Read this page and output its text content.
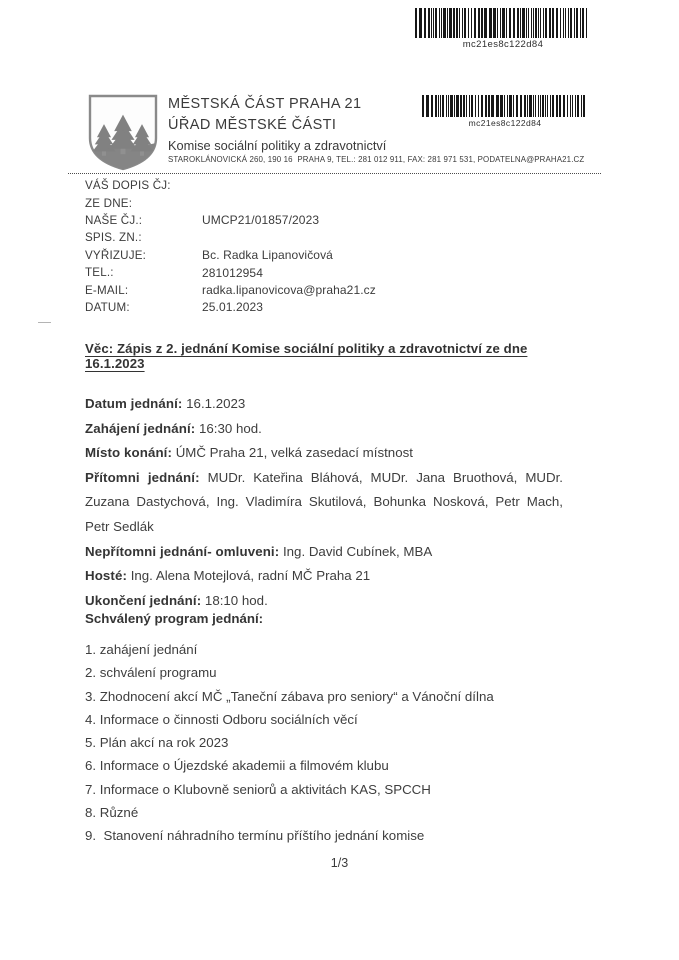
mc21es8c122d84
MĚSTSKÁ ČÁST PRAHA 21
ÚŘAD MĚSTSKÉ ČÁSTI
Komise sociální politiky a zdravotnictví
STAROKLÁNOVICKÁ 260, 190 16  PRAHA 9, TEL.: 281 012 911, FAX: 281 971 531, PODATELNA@PRAHA21.CZ
mc21es8c122d84
VÁŠ DOPIS ČJ:
ZE DNE:
NAŠE ČJ.:	UMCP21/01857/2023
SPIS. ZN.:
VYŘIZUJE:	Bc. Radka Lipanovičová
TEL.:	281012954
E-MAIL:	radka.lipanovicova@praha21.cz
DATUM:	25.01.2023
Věc: Zápis z 2. jednání Komise sociální politiky a zdravotnictví ze dne 16.1.2023

Datum jednání: 16.1.2023

Zahájení jednání: 16:30 hod.

Místo konání: ÚMČ Praha 21, velká zasedací místnost

Přítomni jednání: MUDr. Kateřina Bláhová, MUDr. Jana Bruothová, MUDr. Zuzana Dastychová, Ing. Vladimíra Skutilová, Bohunka Nosková, Petr Mach, Petr Sedlák

Nepřítomni jednání- omluveni: Ing. David Cubínek, MBA

Hosté: Ing. Alena Motejlová, radní MČ Praha 21

Ukončení jednání: 18:10 hod.

Schválený program jednání:

1. zahájení jednání

2. schválení programu

3. Zhodnocení akcí MČ „Taneční zábava pro seniory“ a Vánoční dílna

4. Informace o činnosti Odboru sociálních věcí

5. Plán akcí na rok 2023

6. Informace o Újezdské akademii a filmovém klubu

7. Informace o Klubovně seniorů a aktivitách KAS, SPCCH

8. Různé

9.  Stanovení náhradního termínu příštího jednání komise

1/3
